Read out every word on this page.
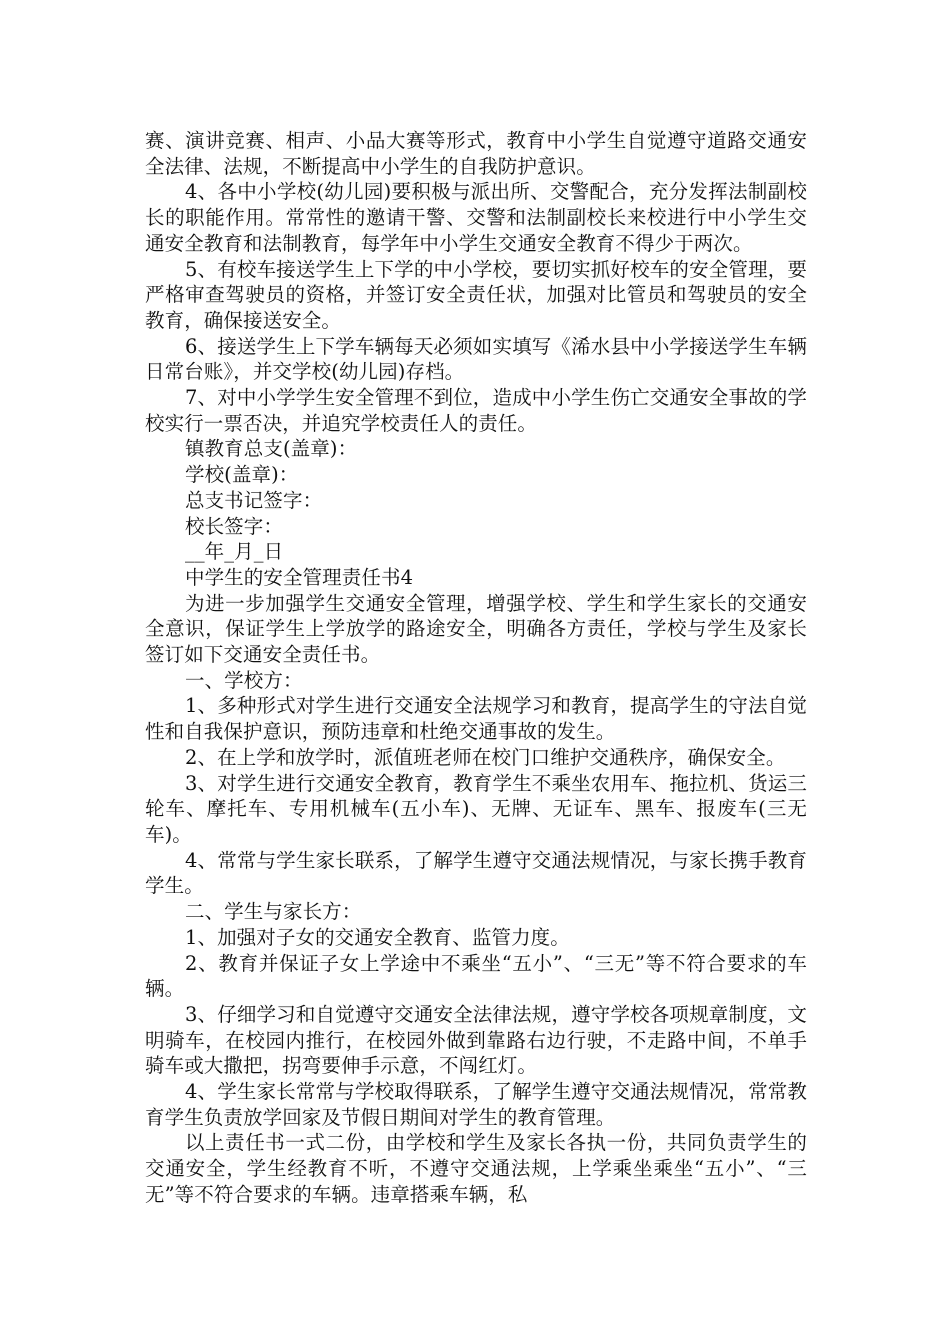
赛、演讲竞赛、相声、小品大赛等形式，教育中小学生自觉遵守道路交通安全法律、法规，不断提高中小学生的自我防护意识。

4、各中小学校(幼儿园)要积极与派出所、交警配合，充分发挥法制副校长的职能作用。常常性的邀请干警、交警和法制副校长来校进行中小学生交通安全教育和法制教育，每学年中小学生交通安全教育不得少于两次。

5、有校车接送学生上下学的中小学校，要切实抓好校车的安全管理，要严格审查驾驶员的资格，并签订安全责任状，加强对比管员和驾驶员的安全教育，确保接送安全。

6、接送学生上下学车辆每天必须如实填写《浠水县中小学接送学生车辆日常台账》，并交学校(幼儿园)存档。

7、对中小学学生安全管理不到位，造成中小学生伤亡交通安全事故的学校实行一票否决，并追究学校责任人的责任。

镇教育总支(盖章)：

学校(盖章)：

总支书记签字：

校长签字：

__年_月_日

中学生的安全管理责任书4

为进一步加强学生交通安全管理，增强学校、学生和学生家长的交通安全意识，保证学生上学放学的路途安全，明确各方责任，学校与学生及家长签订如下交通安全责任书。

一、学校方：

1、多种形式对学生进行交通安全法规学习和教育，提高学生的守法自觉性和自我保护意识，预防违章和杜绝交通事故的发生。

2、在上学和放学时，派值班老师在校门口维护交通秩序，确保安全。

3、对学生进行交通安全教育，教育学生不乘坐农用车、拖拉机、货运三轮车、摩托车、专用机械车(五小车)、无牌、无证车、黑车、报废车(三无车)。

4、常常与学生家长联系，了解学生遵守交通法规情况，与家长携手教育学生。

二、学生与家长方：

1、加强对子女的交通安全教育、监管力度。

2、教育并保证子女上学途中不乘坐“五小”、“三无”等不符合要求的车辆。

3、仔细学习和自觉遵守交通安全法律法规，遵守学校各项规章制度，文明骑车，在校园内推行，在校园外做到靠路右边行驶，不走路中间，不单手骑车或大撒把，拐弯要伸手示意，不闯红灯。

4、学生家长常常与学校取得联系，了解学生遵守交通法规情况，常常教育学生负责放学回家及节假日期间对学生的教育管理。

以上责任书一式二份，由学校和学生及家长各执一份，共同负责学生的交通安全，学生经教育不听，不遵守交通法规，上学乘坐乘坐“五小”、“三无”等不符合要求的车辆。违章搭乘车辆，私
